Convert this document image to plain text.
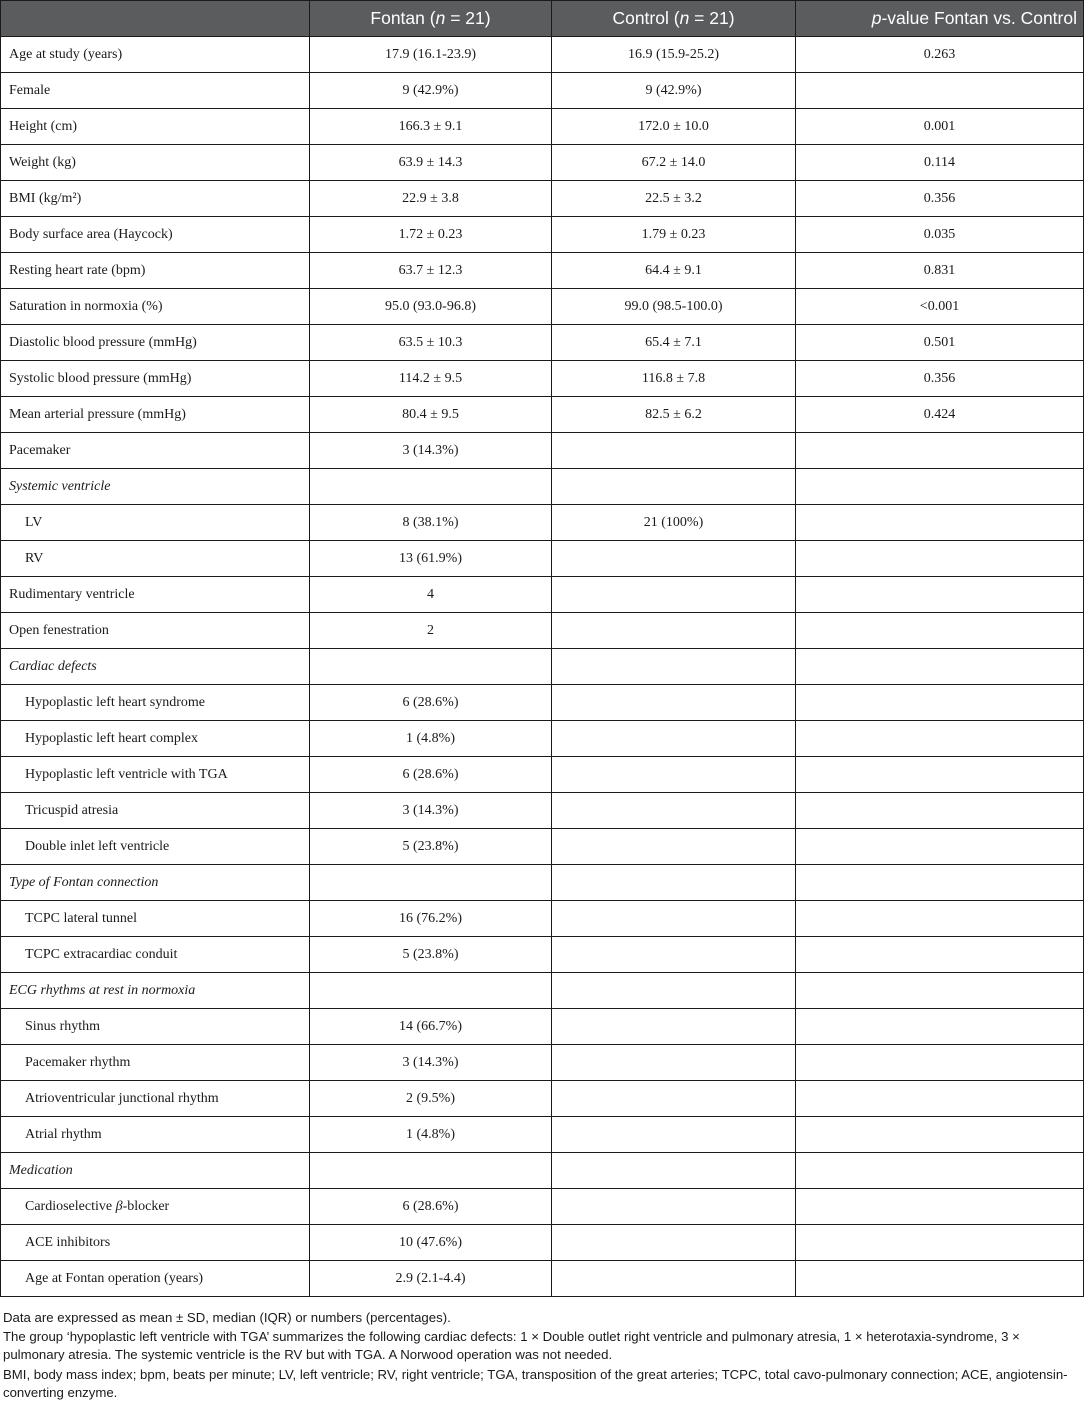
	Fontan (n = 21)	Control (n = 21)	p-value Fontan vs. Control
Age at study (years)	17.9 (16.1-23.9)	16.9 (15.9-25.2)	0.263
Female	9 (42.9%)	9 (42.9%)	
Height (cm)	166.3 ± 9.1	172.0 ± 10.0	0.001
Weight (kg)	63.9 ± 14.3	67.2 ± 14.0	0.114
BMI (kg/m²)	22.9 ± 3.8	22.5 ± 3.2	0.356
Body surface area (Haycock)	1.72 ± 0.23	1.79 ± 0.23	0.035
Resting heart rate (bpm)	63.7 ± 12.3	64.4 ± 9.1	0.831
Saturation in normoxia (%)	95.0 (93.0-96.8)	99.0 (98.5-100.0)	<0.001
Diastolic blood pressure (mmHg)	63.5 ± 10.3	65.4 ± 7.1	0.501
Systolic blood pressure (mmHg)	114.2 ± 9.5	116.8 ± 7.8	0.356
Mean arterial pressure (mmHg)	80.4 ± 9.5	82.5 ± 6.2	0.424
Pacemaker	3 (14.3%)		
Systemic ventricle			
LV	8 (38.1%)	21 (100%)	
RV	13 (61.9%)		
Rudimentary ventricle	4		
Open fenestration	2		
Cardiac defects			
Hypoplastic left heart syndrome	6 (28.6%)		
Hypoplastic left heart complex	1 (4.8%)		
Hypoplastic left ventricle with TGA	6 (28.6%)		
Tricuspid atresia	3 (14.3%)		
Double inlet left ventricle	5 (23.8%)		
Type of Fontan connection			
TCPC lateral tunnel	16 (76.2%)		
TCPC extracardiac conduit	5 (23.8%)		
ECG rhythms at rest in normoxia			
Sinus rhythm	14 (66.7%)		
Pacemaker rhythm	3 (14.3%)		
Atrioventricular junctional rhythm	2 (9.5%)		
Atrial rhythm	1 (4.8%)		
Medication			
Cardioselective β-blocker	6 (28.6%)		
ACE inhibitors	10 (47.6%)		
Age at Fontan operation (years)	2.9 (2.1-4.4)		

Data are expressed as mean ± SD, median (IQR) or numbers (percentages).

The group ‘hypoplastic left ventricle with TGA’ summarizes the following cardiac defects: 1 × Double outlet right ventricle and pulmonary atresia, 1 × heterotaxia-syndrome, 3 × pulmonary atresia. The systemic ventricle is the RV but with TGA. A Norwood operation was not needed.

BMI, body mass index; bpm, beats per minute; LV, left ventricle; RV, right ventricle; TGA, transposition of the great arteries; TCPC, total cavo-pulmonary connection; ACE, angiotensin-converting enzyme.
